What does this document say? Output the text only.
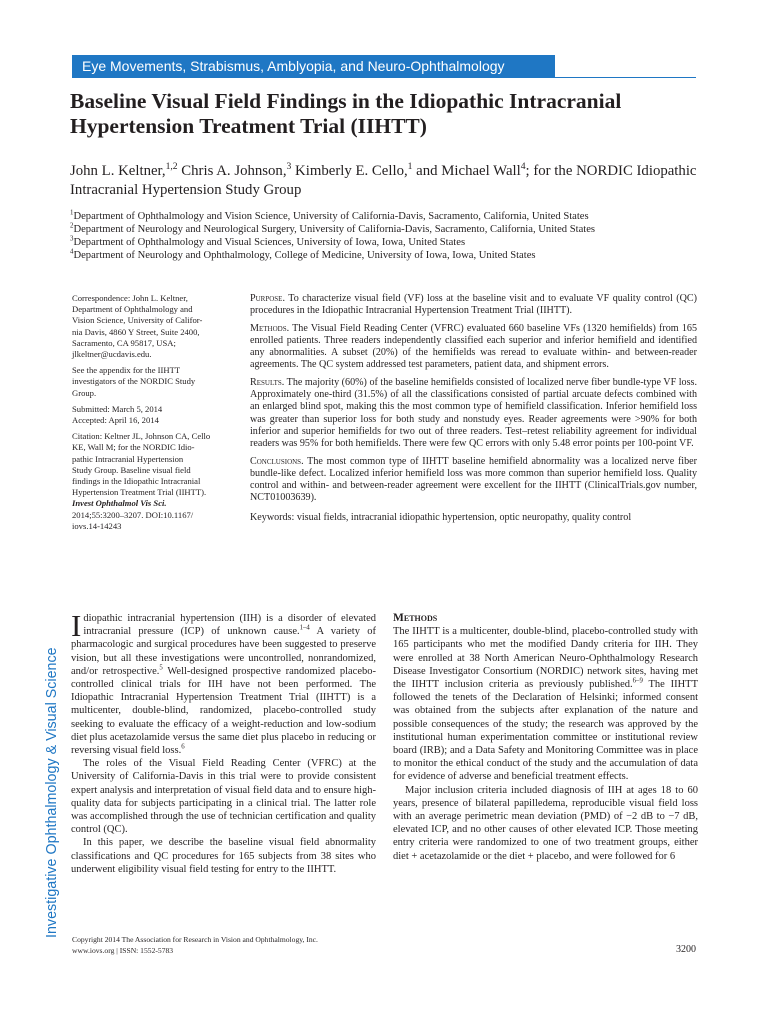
Eye Movements, Strabismus, Amblyopia, and Neuro-Ophthalmology
Baseline Visual Field Findings in the Idiopathic Intracranial Hypertension Treatment Trial (IIHTT)
John L. Keltner,$^{1,2}$ Chris A. Johnson,$^3$ Kimberly E. Cello,$^1$ and Michael Wall$^4$; for the NORDIC Idiopathic Intracranial Hypertension Study Group
$^1$Department of Ophthalmology and Vision Science, University of California-Davis, Sacramento, California, United States
$^2$Department of Neurology and Neurological Surgery, University of California-Davis, Sacramento, California, United States
$^3$Department of Ophthalmology and Visual Sciences, University of Iowa, Iowa, United States
$^4$Department of Neurology and Ophthalmology, College of Medicine, University of Iowa, Iowa, United States

Correspondence: John L. Keltner,
Department of Ophthalmology and
Vision Science, University of Califor-
nia Davis, 4860 Y Street, Suite 2400,
Sacramento, CA 95817, USA;
jlkeltner@ucdavis.edu.

See the appendix for the IIHTT
investigators of the NORDIC Study
Group.

Submitted: March 5, 2014
Accepted: April 16, 2014

Citation: Keltner JL, Johnson CA, Cello
KE, Wall M; for the NORDIC Idio-
pathic Intracranial Hypertension
Study Group. Baseline visual field
findings in the Idiopathic Intracranial
Hypertension Treatment Trial (IIHTT).
Invest Ophthalmol Vis Sci.
2014;55:3200–3207. DOI:10.1167/
iovs.14-14243

Purpose. To characterize visual field (VF) loss at the baseline visit and to evaluate VF quality control (QC) procedures in the Idiopathic Intracranial Hypertension Treatment Trial (IIHTT).

Methods. The Visual Field Reading Center (VFRC) evaluated 660 baseline VFs (1320 hemifields) from 165 enrolled patients. Three readers independently classified each superior and inferior hemifield and identified any abnormalities. A subset (20%) of the hemifields was reread to evaluate within- and between-reader agreements. The QC system addressed test parameters, patient data, and shipment errors.

Results. The majority (60%) of the baseline hemifields consisted of localized nerve fiber bundle-type VF loss. Approximately one-third (31.5%) of all the classifications consisted of partial arcuate defects combined with an enlarged blind spot, making this the most common type of hemifield classification. Inferior hemifield loss was greater than superior loss for both study and nonstudy eyes. Reader agreements were >90% for both inferior and superior hemifields for two out of three readers. Test–retest reliability agreement for individual readers was 95% for both hemifields. There were few QC errors with only 5.48 error points per 100-point VF.

Conclusions. The most common type of IIHTT baseline hemifield abnormality was a localized nerve fiber bundle-like defect. Localized inferior hemifield loss was more common than superior hemifield loss. Quality control and within- and between-reader agreement were excellent for the IIHTT (ClinicalTrials.gov number, NCT01003639).

Keywords: visual fields, intracranial idiopathic hypertension, optic neuropathy, quality control

Investigative Ophthalmology & Visual Science

Idiopathic intracranial hypertension (IIH) is a disorder of elevated intracranial pressure (ICP) of unknown cause.$^{1-4}$ A variety of pharmacologic and surgical procedures have been suggested to preserve vision, but all these investigations were uncontrolled, nonrandomized, and/or retrospective.$^5$ Well-designed prospective randomized placebo-controlled clinical trials for IIH have not been performed. The Idiopathic Intracranial Hypertension Treatment Trial (IIHTT) is a multicenter, double-blind, randomized, placebo-controlled study seeking to evaluate the efficacy of a weight-reduction and low-sodium diet plus acetazolamide versus the same diet plus placebo in reducing or reversing visual field loss.$^6$

The roles of the Visual Field Reading Center (VFRC) at the University of California-Davis in this trial were to provide consistent expert analysis and interpretation of visual field data and to ensure high-quality data for subjects participating in a clinical trial. The latter role was accomplished through the use of technician certification and quality control (QC).

In this paper, we describe the baseline visual field abnormality classifications and QC procedures for 165 subjects from 38 sites who underwent eligibility visual field testing for entry to the IIHTT.

Methods

The IIHTT is a multicenter, double-blind, placebo-controlled study with 165 participants who met the modified Dandy criteria for IIH. They were enrolled at 38 North American Neuro-Ophthalmology Research Disease Investigator Consortium (NORDIC) network sites, having met the IIHTT inclusion criteria as previously published.$^{6-9}$ The IIHTT followed the tenets of the Declaration of Helsinki; informed consent was obtained from the subjects after explanation of the nature and possible consequences of the study; the research was approved by the institutional human experimentation committee or institutional review board (IRB); and a Data Safety and Monitoring Committee was in place to monitor the ethical conduct of the study and the accumulation of data for evidence of adverse and beneficial treatment effects.

Major inclusion criteria included diagnosis of IIH at ages 18 to 60 years, presence of bilateral papilledema, reproducible visual field loss with an average perimetric mean deviation (PMD) of −2 dB to −7 dB, elevated ICP, and no other causes of other elevated ICP. Those meeting entry criteria were randomized to one of two treatment groups, either diet + acetazolamide or the diet + placebo, and were followed for 6

Copyright 2014 The Association for Research in Vision and Ophthalmology, Inc.
www.iovs.org | ISSN: 1552-5783	3200
